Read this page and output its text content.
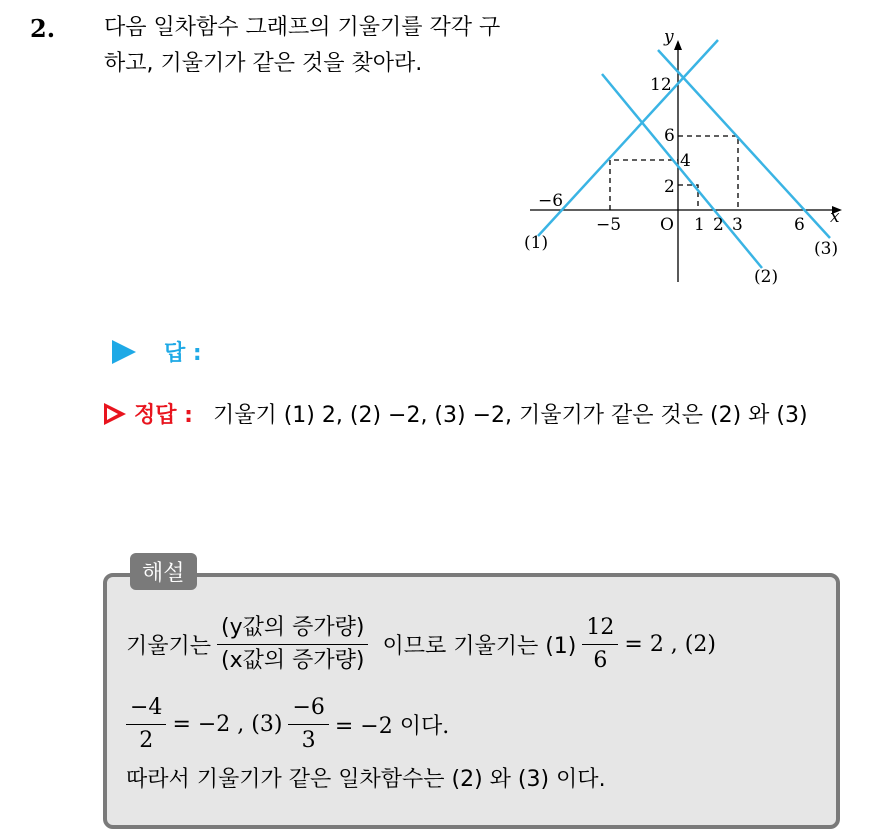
2. 다음 일차함수 그래프의 기울기를 각각 구하고, 기울기가 같은 것을 찾아라.
y
x
O
−6
−5	1 2 3	6
2
4
6
12
(1)
(2)
(3)
답 :
정답 : 기울기 (1) 2, (2) −2, (3) −2, 기울기가 같은 것은 (2) 와 (3)
해설
기울기는 $\frac{\text{(y값의 증가량)}}{\text{(x값의 증가량)}}$ 이므로 기울기는 $(1) \frac{12}{6} = 2$ , (2)
$\frac{-4}{2} = -2$ , $(3) \frac{-6}{3} = -2$ 이다.
따라서 기울기가 같은 일차함수는 (2) 와 (3) 이다.
